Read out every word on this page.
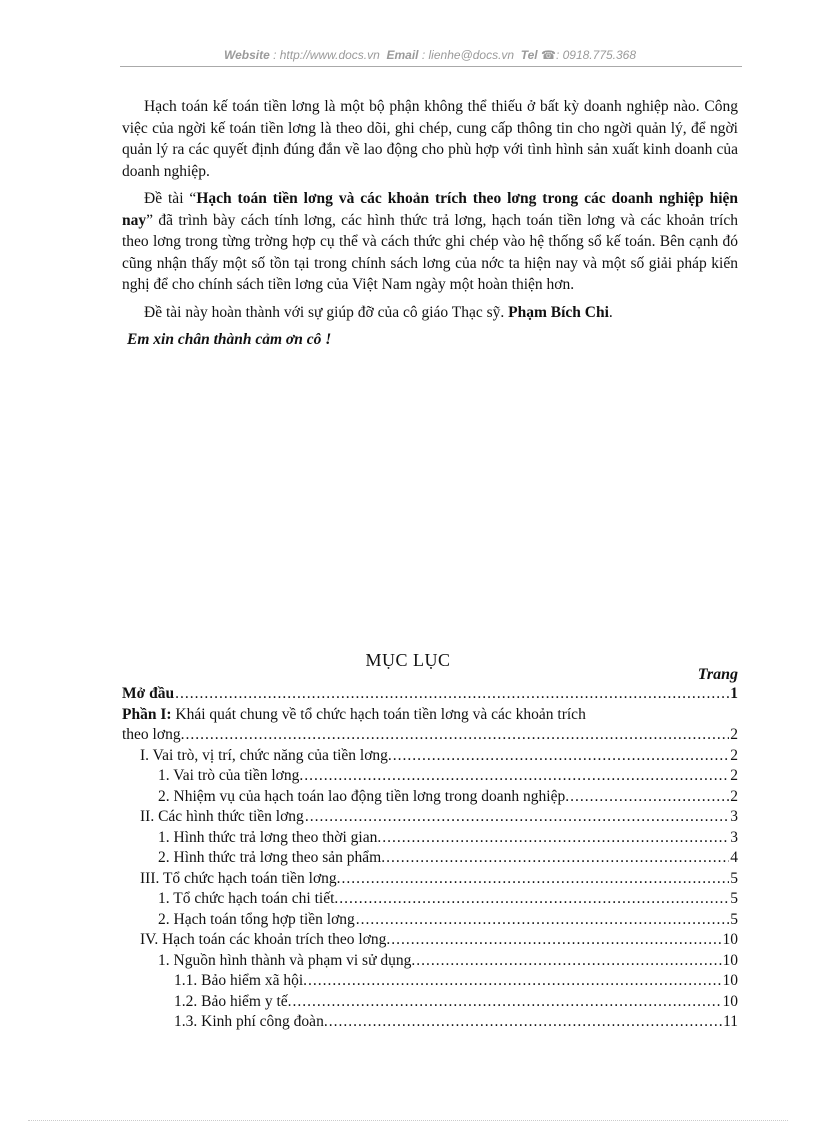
Website : http://www.docs.vn Email : lienhe@docs.vn Tel ☎: 0918.775.368

Hạch toán kế toán tiền lơng là một bộ phận không thể thiếu ở bất kỳ doanh nghiệp nào. Công việc của ngời kế toán tiền lơng là theo dõi, ghi chép, cung cấp thông tin cho ngời quản lý, để ngời quản lý ra các quyết định đúng đắn về lao động cho phù hợp với tình hình sản xuất kinh doanh của doanh nghiệp.

Đề tài “Hạch toán tiền lơng và các khoản trích theo lơng trong các doanh nghiệp hiện nay” đã trình bày cách tính lơng, các hình thức trả lơng, hạch toán tiền lơng và các khoản trích theo lơng trong từng trờng hợp cụ thể và cách thức ghi chép vào hệ thống sổ kế toán. Bên cạnh đó cũng nhận thấy một số tồn tại trong chính sách lơng của nớc ta hiện nay và một số giải pháp kiến nghị để cho chính sách tiền lơng của Việt Nam ngày một hoàn thiện hơn.

Đề tài này hoàn thành với sự giúp đỡ của cô giáo Thạc sỹ. Phạm Bích Chi.

Em xin chân thành cảm ơn cô !

MỤC LỤC
Trang
Mở đầu .....	1
Phần I: Khái quát chung về tổ chức hạch toán tiền lơng và các khoản trích
theo lơng. .....	2
I. Vai trò, vị trí, chức năng của tiền lơng. .....	2
1. Vai trò của tiền lơng. .....	2
2. Nhiệm vụ của hạch toán lao động tiền lơng trong doanh nghiệp. .....	2
II. Các hình thức tiền lơng .....	3
1. Hình thức trả lơng theo thời gian. .....	3
2. Hình thức trả lơng theo sản phẩm. .....	4
III. Tổ chức hạch toán tiền lơng. .....	5
1. Tổ chức hạch toán chi tiết. .....	5
2. Hạch toán tổng hợp tiền lơng .....	5
IV. Hạch toán các khoản trích theo lơng. .....	10
1. Nguồn hình thành và phạm vi sử dụng. .....	10
1.1. Bảo hiểm xã hội. .....	10
1.2. Bảo hiểm y tế. .....	10
1.3. Kinh phí công đoàn. .....	11
